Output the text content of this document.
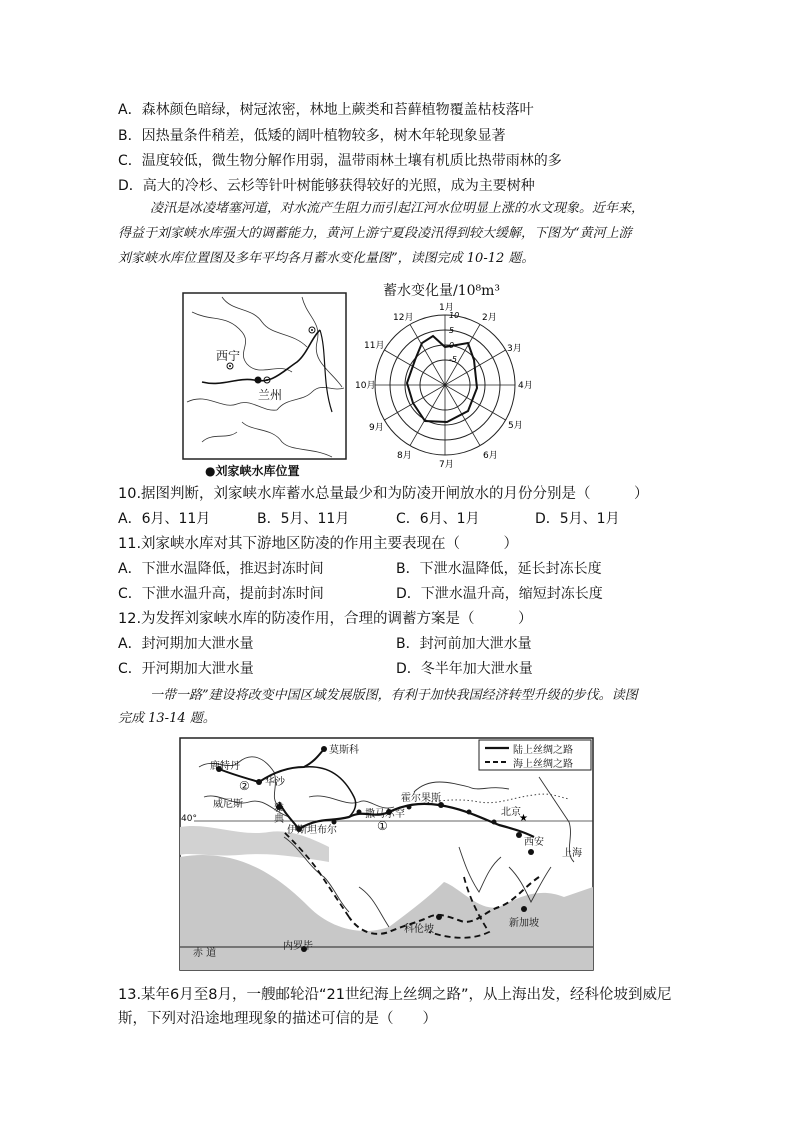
A．森林颜色暗绿，树冠浓密，林地上蕨类和苔藓植物覆盖枯枝落叶
B．因热量条件稍差，低矮的阔叶植物较多，树木年轮现象显著
C．温度较低，微生物分解作用弱，温带雨林土壤有机质比热带雨林的多
D．高大的冷杉、云杉等针叶树能够获得较好的光照，成为主要树种
凌汛是冰凌堵塞河道，对水流产生阻力而引起江河水位明显上涨的水文现象。近年来，
得益于刘家峡水库强大的调蓄能力，黄河上游宁夏段凌汛得到较大缓解，下图为“黄河上游
刘家峡水库位置图及多年平均各月蓄水变化量图”，读图完成 10-12 题。
西宁
兰州
●刘家峡水库位置
蓄水变化量/10⁸m³
1月
2月
3月
4月
5月
6月
7月
8月
9月
10月
11月
12月	10
5
0
-5
10.据图判断，刘家峡水库蓄水总量最少和为防凌开闸放水的月份分别是（　　　）
A．6月、11月	B．5月、11月	C．6月、1月	D．5月、1月
11.刘家峡水库对其下游地区防凌的作用主要表现在（　　　）
A．下泄水温降低，推迟封冻时间	B．下泄水温降低，延长封冻长度
C．下泄水温升高，提前封冻时间	D．下泄水温升高，缩短封冻长度
12.为发挥刘家峡水库的防凌作用，合理的调蓄方案是（　　　）
A．封河期加大泄水量	B．封河前加大泄水量
C．开河期加大泄水量	D．冬半年加大泄水量
一带一路”建设将改变中国区域发展版图，有利于加快我国经济转型升级的步伐。读图
完成 13-14 题。
★
陆上丝绸之路
海上丝绸之路
莫斯科
鹿特丹
华沙
②
威尼斯	雅典
40°
伊斯坦布尔	①
撒马尔罕
霍尔果斯
北京
西安
上海
科伦坡
新加坡
内罗毕
赤 道
13.某年6月至8月，一艘邮轮沿“21世纪海上丝绸之路”，从上海出发，经科伦坡到威尼
斯，下列对沿途地理现象的描述可信的是（　　）
